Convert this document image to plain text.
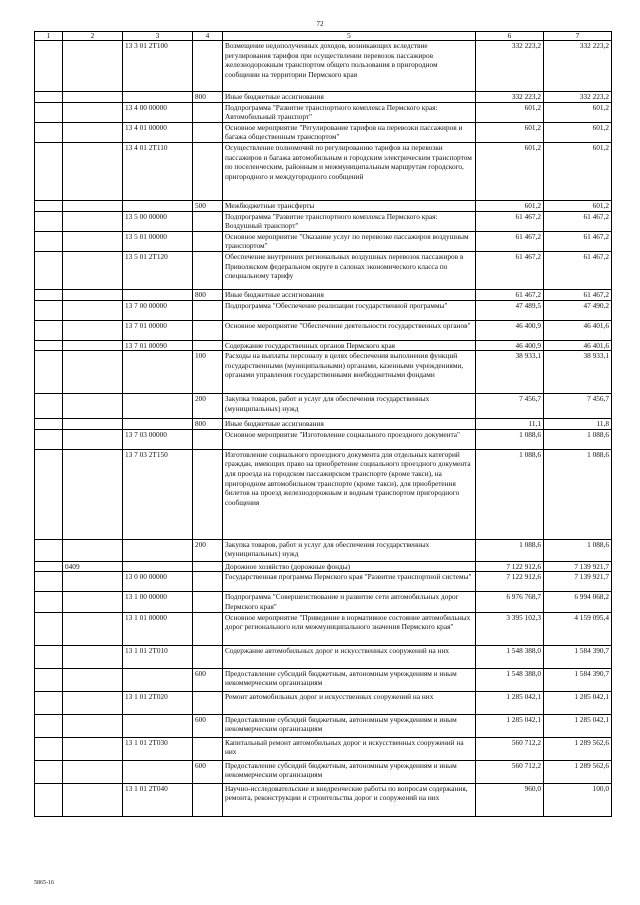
72
1	2	3	4	5	6	7
		13 3 01 2Т100		Возмещение недополученных доходов, возникающих вследствие регулирования тарифов при осуществлении перевозок пассажиров железнодорожным транспортом общего пользования в пригородном сообщении на территории Пермского края	332 223,2	332 223,2
			800	Иные бюджетные ассигнования	332 223,2	332 223,2
		13 4 00 00000		Подпрограмма "Развитие транспортного комплекса Пермского края: Автомобильный транспорт"	601,2	601,2
		13 4 01 00000		Основное мероприятие "Регулирование тарифов на перевозки пассажиров и багажа общественным транспортом"	601,2	601,2
		13 4 01 2Т110		Осуществление полномочий по регулированию тарифов на перевозки пассажиров и багажа автомобильным и городским электрическим транспортом по поселенческим, районным и межмуниципальным маршрутам городского, пригородного и междугородного сообщений	601,2	601,2
			500	Межбюджетные трансферты	601,2	601,2
		13 5 00 00000		Подпрограмма "Развитие транспортного комплекса Пермского края: Воздушный транспорт"	61 467,2	61 467,2
		13 5 01 00000		Основное мероприятие "Оказание услуг по перевозке пассажиров воздушным транспортом"	61 467,2	61 467,2
		13 5 01 2Т120		Обеспечение внутренних региональных воздушных перевозок пассажиров в Приволжском федеральном округе в салонах экономического класса по специальному тарифу	61 467,2	61 467,2
			800	Иные бюджетные ассигнования	61 467,2	61 467,2
		13 7 00 00000		Подпрограмма "Обеспечение реализации государственной программы"	47 489,5	47 490,2
		13 7 01 00000		Основное мероприятие "Обеспечение деятельности государственных органов"	46 400,9	46 401,6
		13 7 01 00090		Содержание государственных органов Пермского края	46 400,9	46 401,6
			100	Расходы на выплаты персоналу в целях обеспечения выполнения функций государственными (муниципальными) органами, казенными учреждениями, органами управления государственными внебюджетными фондами	38 933,1	38 933,1
			200	Закупка товаров, работ и услуг для обеспечения государственных (муниципальных) нужд	7 456,7	7 456,7
			800	Иные бюджетные ассигнования	11,1	11,8
		13 7 03 00000		Основное мероприятие "Изготовление социального проездного документа"	1 088,6	1 088,6
		13 7 03 2Т150		Изготовление социального проездного документа для отдельных категорий граждан, имеющих право на приобретение социального проездного документа для проезда на городском пассажирском транспорте (кроме такси), на пригородном автомобильном транспорте (кроме такси), для приобретения билетов на проезд железнодорожным и водным транспортом пригородного сообщения	1 088,6	1 088,6
			200	Закупка товаров, работ и услуг для обеспечения государственных (муниципальных) нужд	1 088,6	1 088,6
	0409			Дорожное хозяйство (дорожные фонды)	7 122 912,6	7 139 921,7
		13 0 00 00000		Государственная программа Пермского края "Развитие транспортной системы"	7 122 912,6	7 139 921,7
		13 1 00 00000		Подпрограмма "Совершенствование и развитие сети автомобильных дорог Пермского края"	6 976 768,7	6 994 068,2
		13 1 01 00000		Основное мероприятие "Приведение в нормативное состояние автомобильных дорог регионального или межмуниципального значения Пермского края"	3 395 102,3	4 159 095,4
		13 1 01 2Т010		Содержание автомобильных дорог и искусственных сооружений на них	1 548 388,0	1 584 390,7
			600	Предоставление субсидий бюджетным, автономным учреждениям и иным некоммерческим организациям	1 548 388,0	1 584 390,7
		13 1 01 2Т020		Ремонт автомобильных дорог и искусственных сооружений на них	1 285 042,1	1 285 042,1
			600	Предоставление субсидий бюджетным, автономным учреждениям и иным некоммерческим организациям	1 285 042,1	1 285 042,1
		13 1 01 2Т030		Капитальный ремонт автомобильных дорог и искусственных сооружений на них	560 712,2	1 289 562,6
			600	Предоставление субсидий бюджетным, автономным учреждениям и иным некоммерческим организациям	560 712,2	1 289 562,6
		13 1 01 2Т040		Научно-исследовательские и внедренческие работы по вопросам содержания, ремонта, реконструкции и строительства дорог и сооружений на них	960,0	100,0
5865-16
